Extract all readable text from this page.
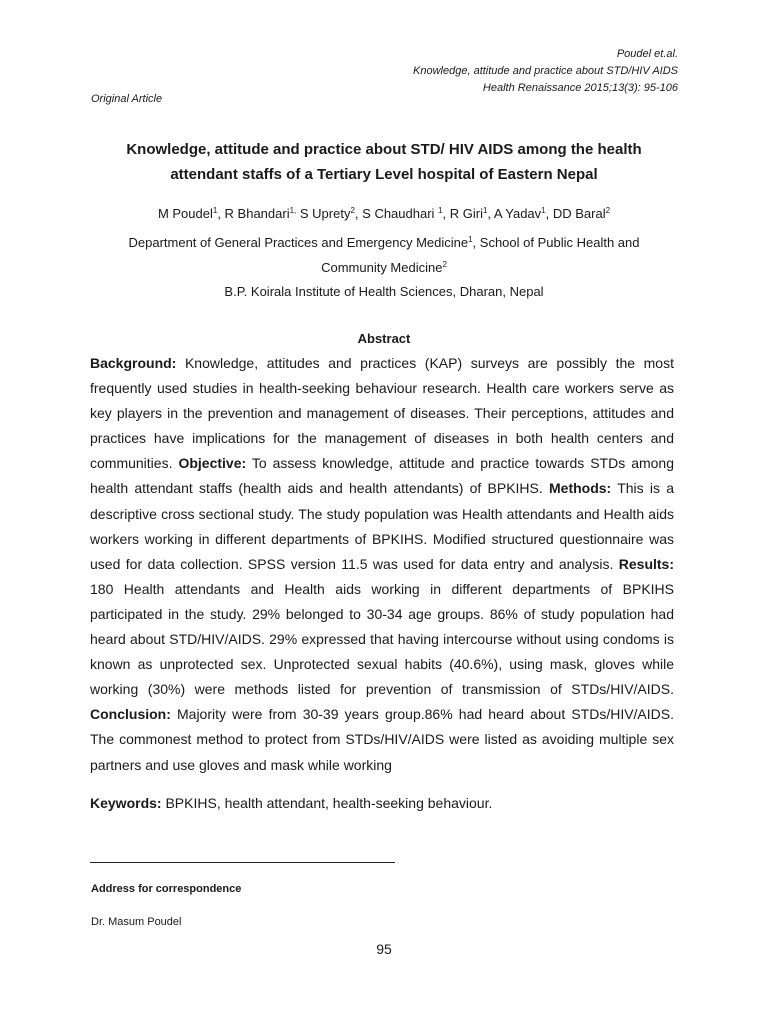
Poudel et.al.
Knowledge, attitude and practice about STD/HIV AIDS
Health Renaissance 2015;13(3): 95-106
Original Article
Knowledge, attitude and practice about STD/ HIV AIDS among the health
attendant staffs of a Tertiary Level hospital of Eastern Nepal
M Poudel$^1$, R Bhandari$^{1,}$ S Uprety$^2$, S Chaudhari $^1$, R Giri$^1$, A Yadav$^1$, DD Baral$^2$
Department of General Practices and Emergency Medicine$^1$, School of Public Health and Community Medicine$^2$
B.P. Koirala Institute of Health Sciences, Dharan, Nepal
Abstract

Background: Knowledge, attitudes and practices (KAP) surveys are possibly the most frequently used studies in health-seeking behaviour research. Health care workers serve as key players in the prevention and management of diseases. Their perceptions, attitudes and practices have implications for the management of diseases in both health centers and communities. Objective: To assess knowledge, attitude and practice towards STDs among health attendant staffs (health aids and health attendants) of BPKIHS. Methods: This is a descriptive cross sectional study. The study population was Health attendants and Health aids workers working in different departments of BPKIHS. Modified structured questionnaire was used for data collection. SPSS version 11.5 was used for data entry and analysis. Results: 180 Health attendants and Health aids working in different departments of BPKIHS participated in the study. 29% belonged to 30-34 age groups. 86% of study population had heard about STD/HIV/AIDS. 29% expressed that having intercourse without using condoms is known as unprotected sex. Unprotected sexual habits (40.6%), using mask, gloves while working (30%) were methods listed for prevention of transmission of STDs/HIV/AIDS. Conclusion: Majority were from 30-39 years group.86% had heard about STDs/HIV/AIDS. The commonest method to protect from STDs/HIV/AIDS were listed as avoiding multiple sex partners and use gloves and mask while working

Keywords: BPKIHS, health attendant, health-seeking behaviour.
Address for correspondence
Dr. Masum Poudel
95
